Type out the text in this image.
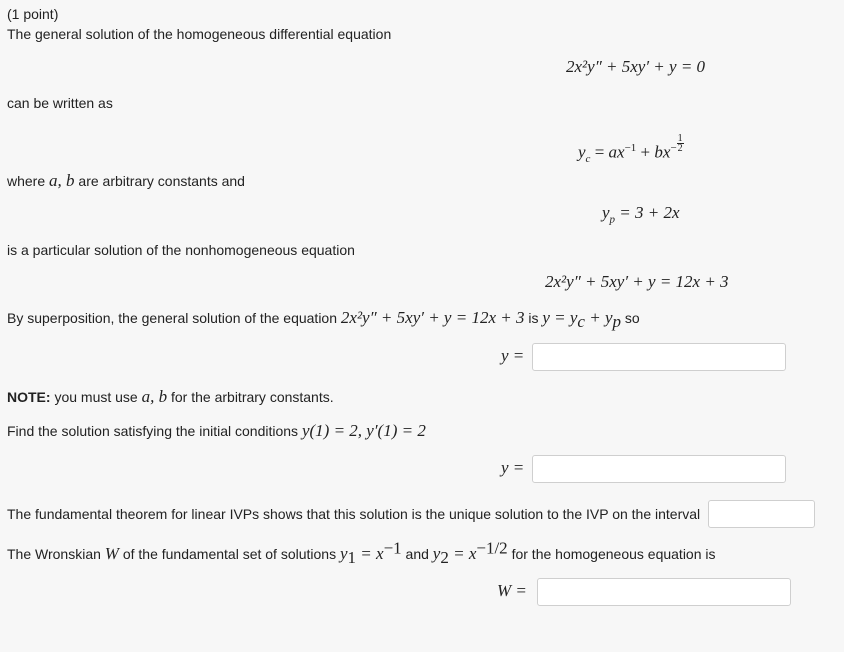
(1 point)
The general solution of the homogeneous differential equation
2x²y″ + 5xy′ + y = 0
can be written as
$y_c = ax^{-1} + bx^- \frac{1}{2}$
where a, b are arbitrary constants and
$y_p = 3 + 2x$
is a particular solution of the nonhomogeneous equation
2x²y″ + 5xy′ + y = 12x + 3
By superposition, the general solution of the equation 2x²y″ + 5xy′ + y = 12x + 3 is $y = y_c + y_p$ so
y =
NOTE: you must use a, b for the arbitrary constants.
Find the solution satisfying the initial conditions y(1) = 2, y′(1) = 2
y =
The fundamental theorem for linear IVPs shows that this solution is the unique solution to the IVP on the interval
The Wronskian W of the fundamental set of solutions $y_1 = x^{-1}$ and $y_2 = x^{-1/2}$ for the homogeneous equation is
W =
